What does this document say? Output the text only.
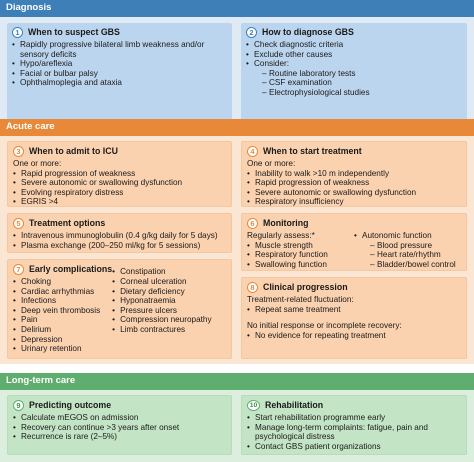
Diagnosis
1 When to suspect GBS
• Rapidly progressive bilateral limb weakness and/or sensory deficits
• Hypo/areflexia
• Facial or bulbar palsy
• Ophthalmoplegia and ataxia
2 How to diagnose GBS
• Check diagnostic criteria
• Exclude other causes
• Consider:
– Routine laboratory tests
– CSF examination
– Electrophysiological studies
Acute care
3 When to admit to ICU
One or more:
• Rapid progression of weakness
• Severe autonomic or swallowing dysfunction
• Evolving respiratory distress
• EGRIS >4
4 When to start treatment
One or more:
• Inability to walk >10 m independently
• Rapid progression of weakness
• Severe autonomic or swallowing dysfunction
• Respiratory insufficiency
5 Treatment options
• Intravenous immunoglobulin (0.4 g/kg daily for 5 days)
• Plasma exchange (200–250 ml/kg for 5 sessions)
6 Monitoring
Regularly assess:*
• Muscle strength
• Respiratory function
• Swallowing function
• Autonomic function
– Blood pressure
– Heart rate/rhythm
– Bladder/bowel control
7 Early complications
• Choking
• Cardiac arrhythmias
• Infections
• Deep vein thrombosis
• Pain
• Delirium
• Depression
• Urinary retention
• Constipation
• Corneal ulceration
• Dietary deficiency
• Hyponatraemia
• Pressure ulcers
• Compression neuropathy
• Limb contractures
8 Clinical progression
Treatment-related fluctuation:
• Repeat same treatment
No initial response or incomplete recovery:
• No evidence for repeating treatment
Long-term care
9 Predicting outcome
• Calculate mEGOS on admission
• Recovery can continue >3 years after onset
• Recurrence is rare (2–5%)
10 Rehabilitation
• Start rehabilitation programme early
• Manage long-term complaints: fatigue, pain and psychological distress
• Contact GBS patient organizations
